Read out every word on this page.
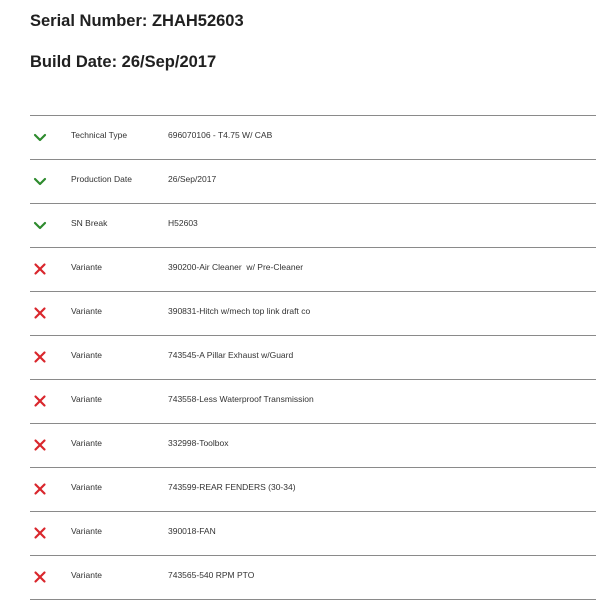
Serial Number: ZHAH52603
Build Date: 26/Sep/2017
Technical Type	696070106 - T4.75 W/ CAB
Production Date	26/Sep/2017
SN Break	H52603
Variante	390200-Air Cleaner  w/ Pre-Cleaner
Variante	390831-Hitch w/mech top link draft co
Variante	743545-A Pillar Exhaust w/Guard
Variante	743558-Less Waterproof Transmission
Variante	332998-Toolbox
Variante	743599-REAR FENDERS (30-34)
Variante	390018-FAN
Variante	743565-540 RPM PTO
